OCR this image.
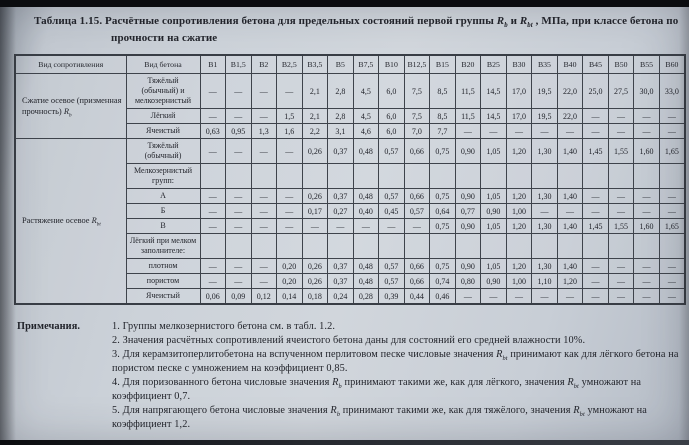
Таблица 1.15. Расчётные сопротивления бетона для предельных состояний первой группы $R_b$ и $R_{bt}$ , МПа, при классе бетона по прочности на сжатие
Вид сопротивления	Вид бетона	В1	В1,5	В2	В2,5	В3,5	В5	В7,5	В10	В12,5	В15	В20	В25	В30	В35	В40	В45	В50	В55	В60
Сжатие осевое (призменная прочность) $R_b$	Тяжёлый (обычный) и мелкозернистый	—	—	—	—	2,1	2,8	4,5	6,0	7,5	8,5	11,5	14,5	17,0	19,5	22,0	25,0	27,5	30,0	33,0
	Лёгкий	—	—	—	1,5	2,1	2,8	4,5	6,0	7,5	8,5	11,5	14,5	17,0	19,5	22,0	—	—	—	—
	Ячеистый	0,63	0,95	1,3	1,6	2,2	3,1	4,6	6,0	7,0	7,7	—	—	—	—	—	—	—	—	—
Растяжение осевое $R_{bt}$	Тяжёлый (обычный)	—	—	—	—	0,26	0,37	0,48	0,57	0,66	0,75	0,90	1,05	1,20	1,30	1,40	1,45	1,55	1,60	1,65
	Мелкозернистый групп:																			
	А	—	—	—	—	0,26	0,37	0,48	0,57	0,66	0,75	0,90	1,05	1,20	1,30	1,40	—	—	—	—
	Б	—	—	—	—	0,17	0,27	0,40	0,45	0,57	0,64	0,77	0,90	1,00	—	—	—	—	—	—
	В	—	—	—	—	—	—	—	—	—	0,75	0,90	1,05	1,20	1,30	1,40	1,45	1,55	1,60	1,65
	Лёгкий при мелком заполнителе:																			
	плотном	—	—	—	0,20	0,26	0,37	0,48	0,57	0,66	0,75	0,90	1,05	1,20	1,30	1,40	—	—	—	—
	пористом	—	—	—	0,20	0,26	0,37	0,48	0,57	0,66	0,74	0,80	0,90	1,00	1,10	1,20	—	—	—	—
	Ячеистый	0,06	0,09	0,12	0,14	0,18	0,24	0,28	0,39	0,44	0,46	—	—	—	—	—	—	—	—	—
Примечания.	1. Группы мелкозернистого бетона см. в табл. 1.2.
2. Значения расчётных сопротивлений ячеистого бетона даны для состояний его средней влажности 10%.
3. Для керамзитоперлитобетона на вспученном перлитовом песке числовые значения $R_{bt}$ принимают как для лёгкого бетона на пористом песке с умножением на коэффициент 0,85.
4. Для поризованного бетона числовые значения $R_b$ принимают такими же, как для лёгкого, значения $R_{bt}$ умножают на коэффициент 0,7.
5. Для напрягающего бетона числовые значения $R_b$ принимают такими же, как для тяжёлого, значения $R_{bt}$ умножают на коэффициент 1,2.
